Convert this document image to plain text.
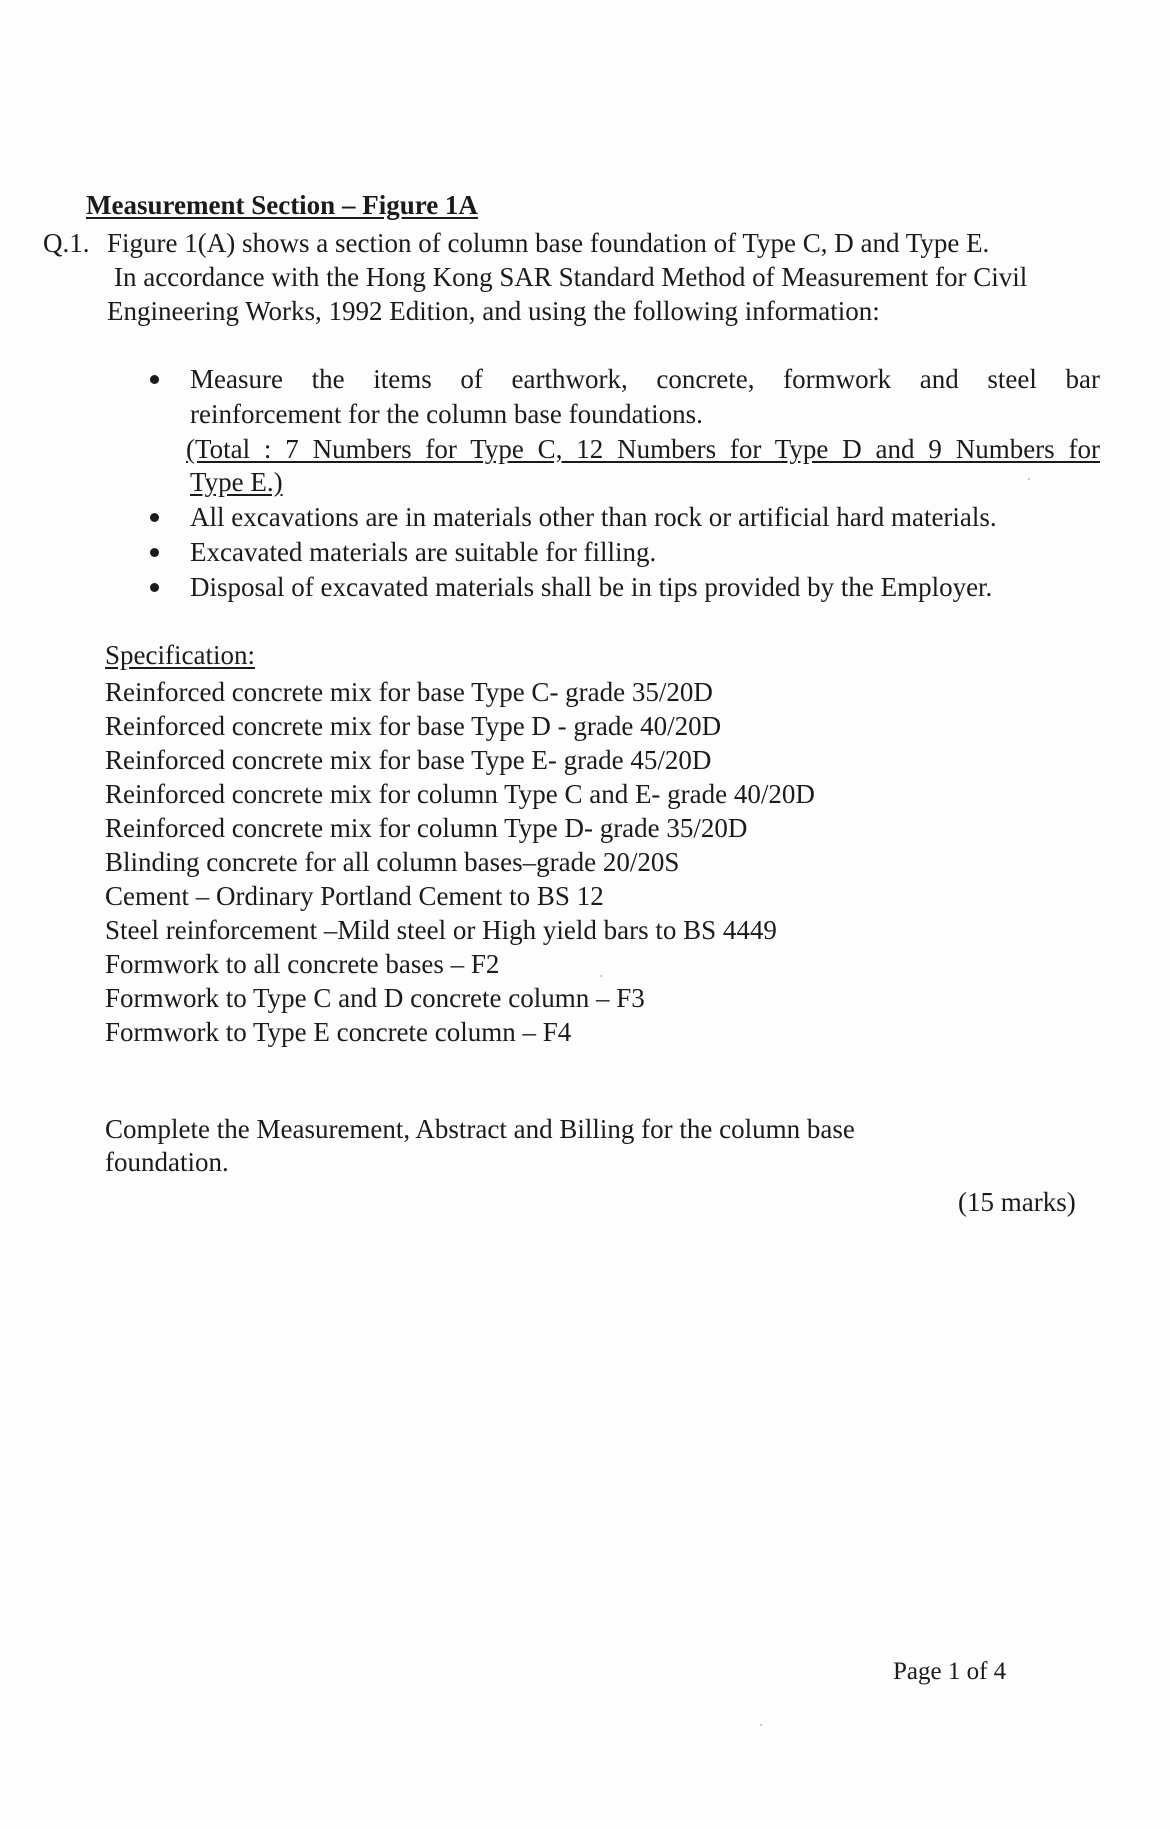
Measurement Section – Figure 1A
Q.1. Figure 1(A) shows a section of column base foundation of Type C, D and Type E.
In accordance with the Hong Kong SAR Standard Method of Measurement for Civil
Engineering Works, 1992 Edition, and using the following information:
Measure the items of earthwork, concrete, formwork and steel bar
reinforcement for the column base foundations.
(Total : 7 Numbers for Type C, 12 Numbers for Type D and 9 Numbers for
Type E.)
All excavations are in materials other than rock or artificial hard materials.
Excavated materials are suitable for filling.
Disposal of excavated materials shall be in tips provided by the Employer.
Specification:
Reinforced concrete mix for base Type C- grade 35/20D
Reinforced concrete mix for base Type D - grade 40/20D
Reinforced concrete mix for base Type E- grade 45/20D
Reinforced concrete mix for column Type C and E- grade 40/20D
Reinforced concrete mix for column Type D- grade 35/20D
Blinding concrete for all column bases–grade 20/20S
Cement – Ordinary Portland Cement to BS 12
Steel reinforcement –Mild steel or High yield bars to BS 4449
Formwork to all concrete bases – F2
Formwork to Type C and D concrete column – F3
Formwork to Type E concrete column – F4
Complete the Measurement, Abstract and Billing for the column base foundation.
(15 marks)
Page 1 of 4
